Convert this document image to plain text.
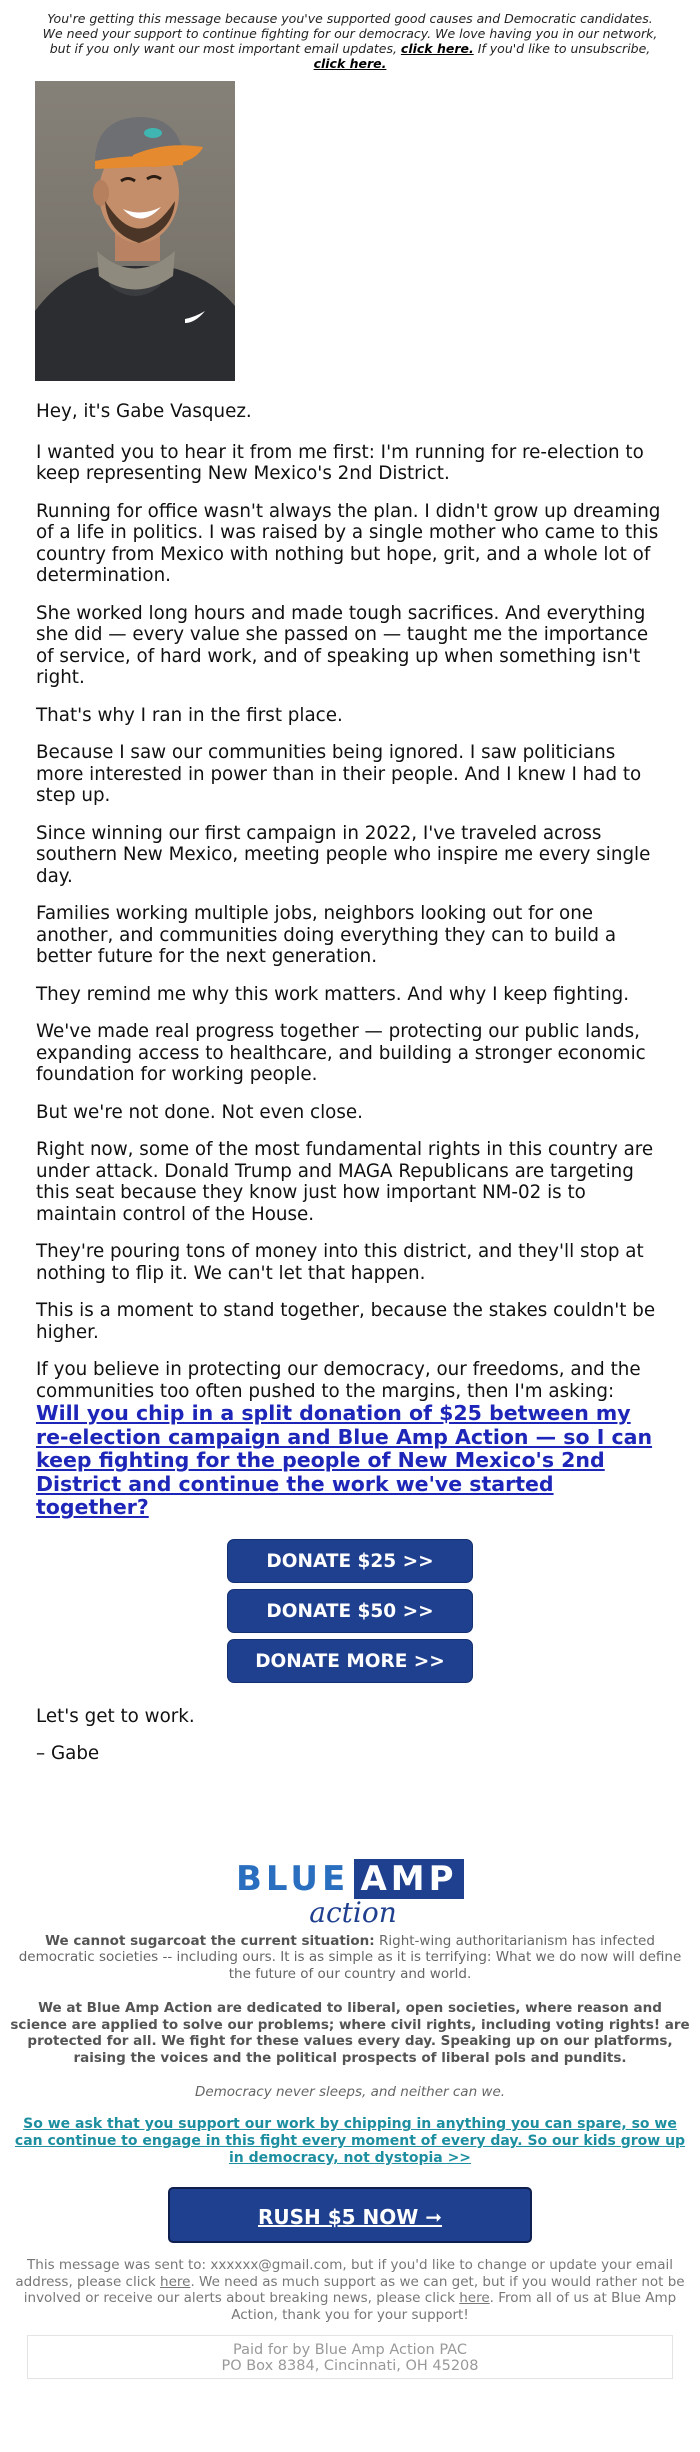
You're getting this message because you've supported good causes and Democratic candidates. We need your support to continue fighting for our democracy. We love having you in our network, but if you only want our most important email updates, click here. If you'd like to unsubscribe, click here.

Hey, it's Gabe Vasquez.

I wanted you to hear it from me first: I'm running for re-election to keep representing New Mexico's 2nd District.

Running for office wasn't always the plan. I didn't grow up dreaming of a life in politics. I was raised by a single mother who came to this country from Mexico with nothing but hope, grit, and a whole lot of determination.

She worked long hours and made tough sacrifices. And everything she did — every value she passed on — taught me the importance of service, of hard work, and of speaking up when something isn't right.

That's why I ran in the first place.

Because I saw our communities being ignored. I saw politicians more interested in power than in their people. And I knew I had to step up.

Since winning our first campaign in 2022, I've traveled across southern New Mexico, meeting people who inspire me every single day.

Families working multiple jobs, neighbors looking out for one another, and communities doing everything they can to build a better future for the next generation.

They remind me why this work matters. And why I keep fighting.

We've made real progress together — protecting our public lands, expanding access to healthcare, and building a stronger economic foundation for working people.

But we're not done. Not even close.

Right now, some of the most fundamental rights in this country are under attack. Donald Trump and MAGA Republicans are targeting this seat because they know just how important NM-02 is to maintain control of the House.

They're pouring tons of money into this district, and they'll stop at nothing to flip it. We can't let that happen.

This is a moment to stand together, because the stakes couldn't be higher.

If you believe in protecting our democracy, our freedoms, and the communities too often pushed to the margins, then I'm asking:

Will you chip in a split donation of $25 between my re-election campaign and Blue Amp Action — so I can keep fighting for the people of New Mexico's 2nd District and continue the work we've started together?
DONATE $25 >>
DONATE $50 >>
DONATE MORE >>

Let's get to work.

– Gabe

BLUE AMP
action

We cannot sugarcoat the current situation: Right-wing authoritarianism has infected democratic societies -- including ours. It is as simple as it is terrifying: What we do now will define the future of our country and world.

We at Blue Amp Action are dedicated to liberal, open societies, where reason and science are applied to solve our problems; where civil rights, including voting rights! are protected for all. We fight for these values every day. Speaking up on our platforms, raising the voices and the political prospects of liberal pols and pundits.

Democracy never sleeps, and neither can we.

So we ask that you support our work by chipping in anything you can spare, so we can continue to engage in this fight every moment of every day. So our kids grow up in democracy, not dystopia >>
RUSH $5 NOW ➞
This message was sent to: xxxxxx@gmail.com, but if you'd like to change or update your email address, please click here. We need as much support as we can get, but if you would rather not be involved or receive our alerts about breaking news, please click here. From all of us at Blue Amp Action, thank you for your support!
Paid for by Blue Amp Action PAC
PO Box 8384, Cincinnati, OH 45208
